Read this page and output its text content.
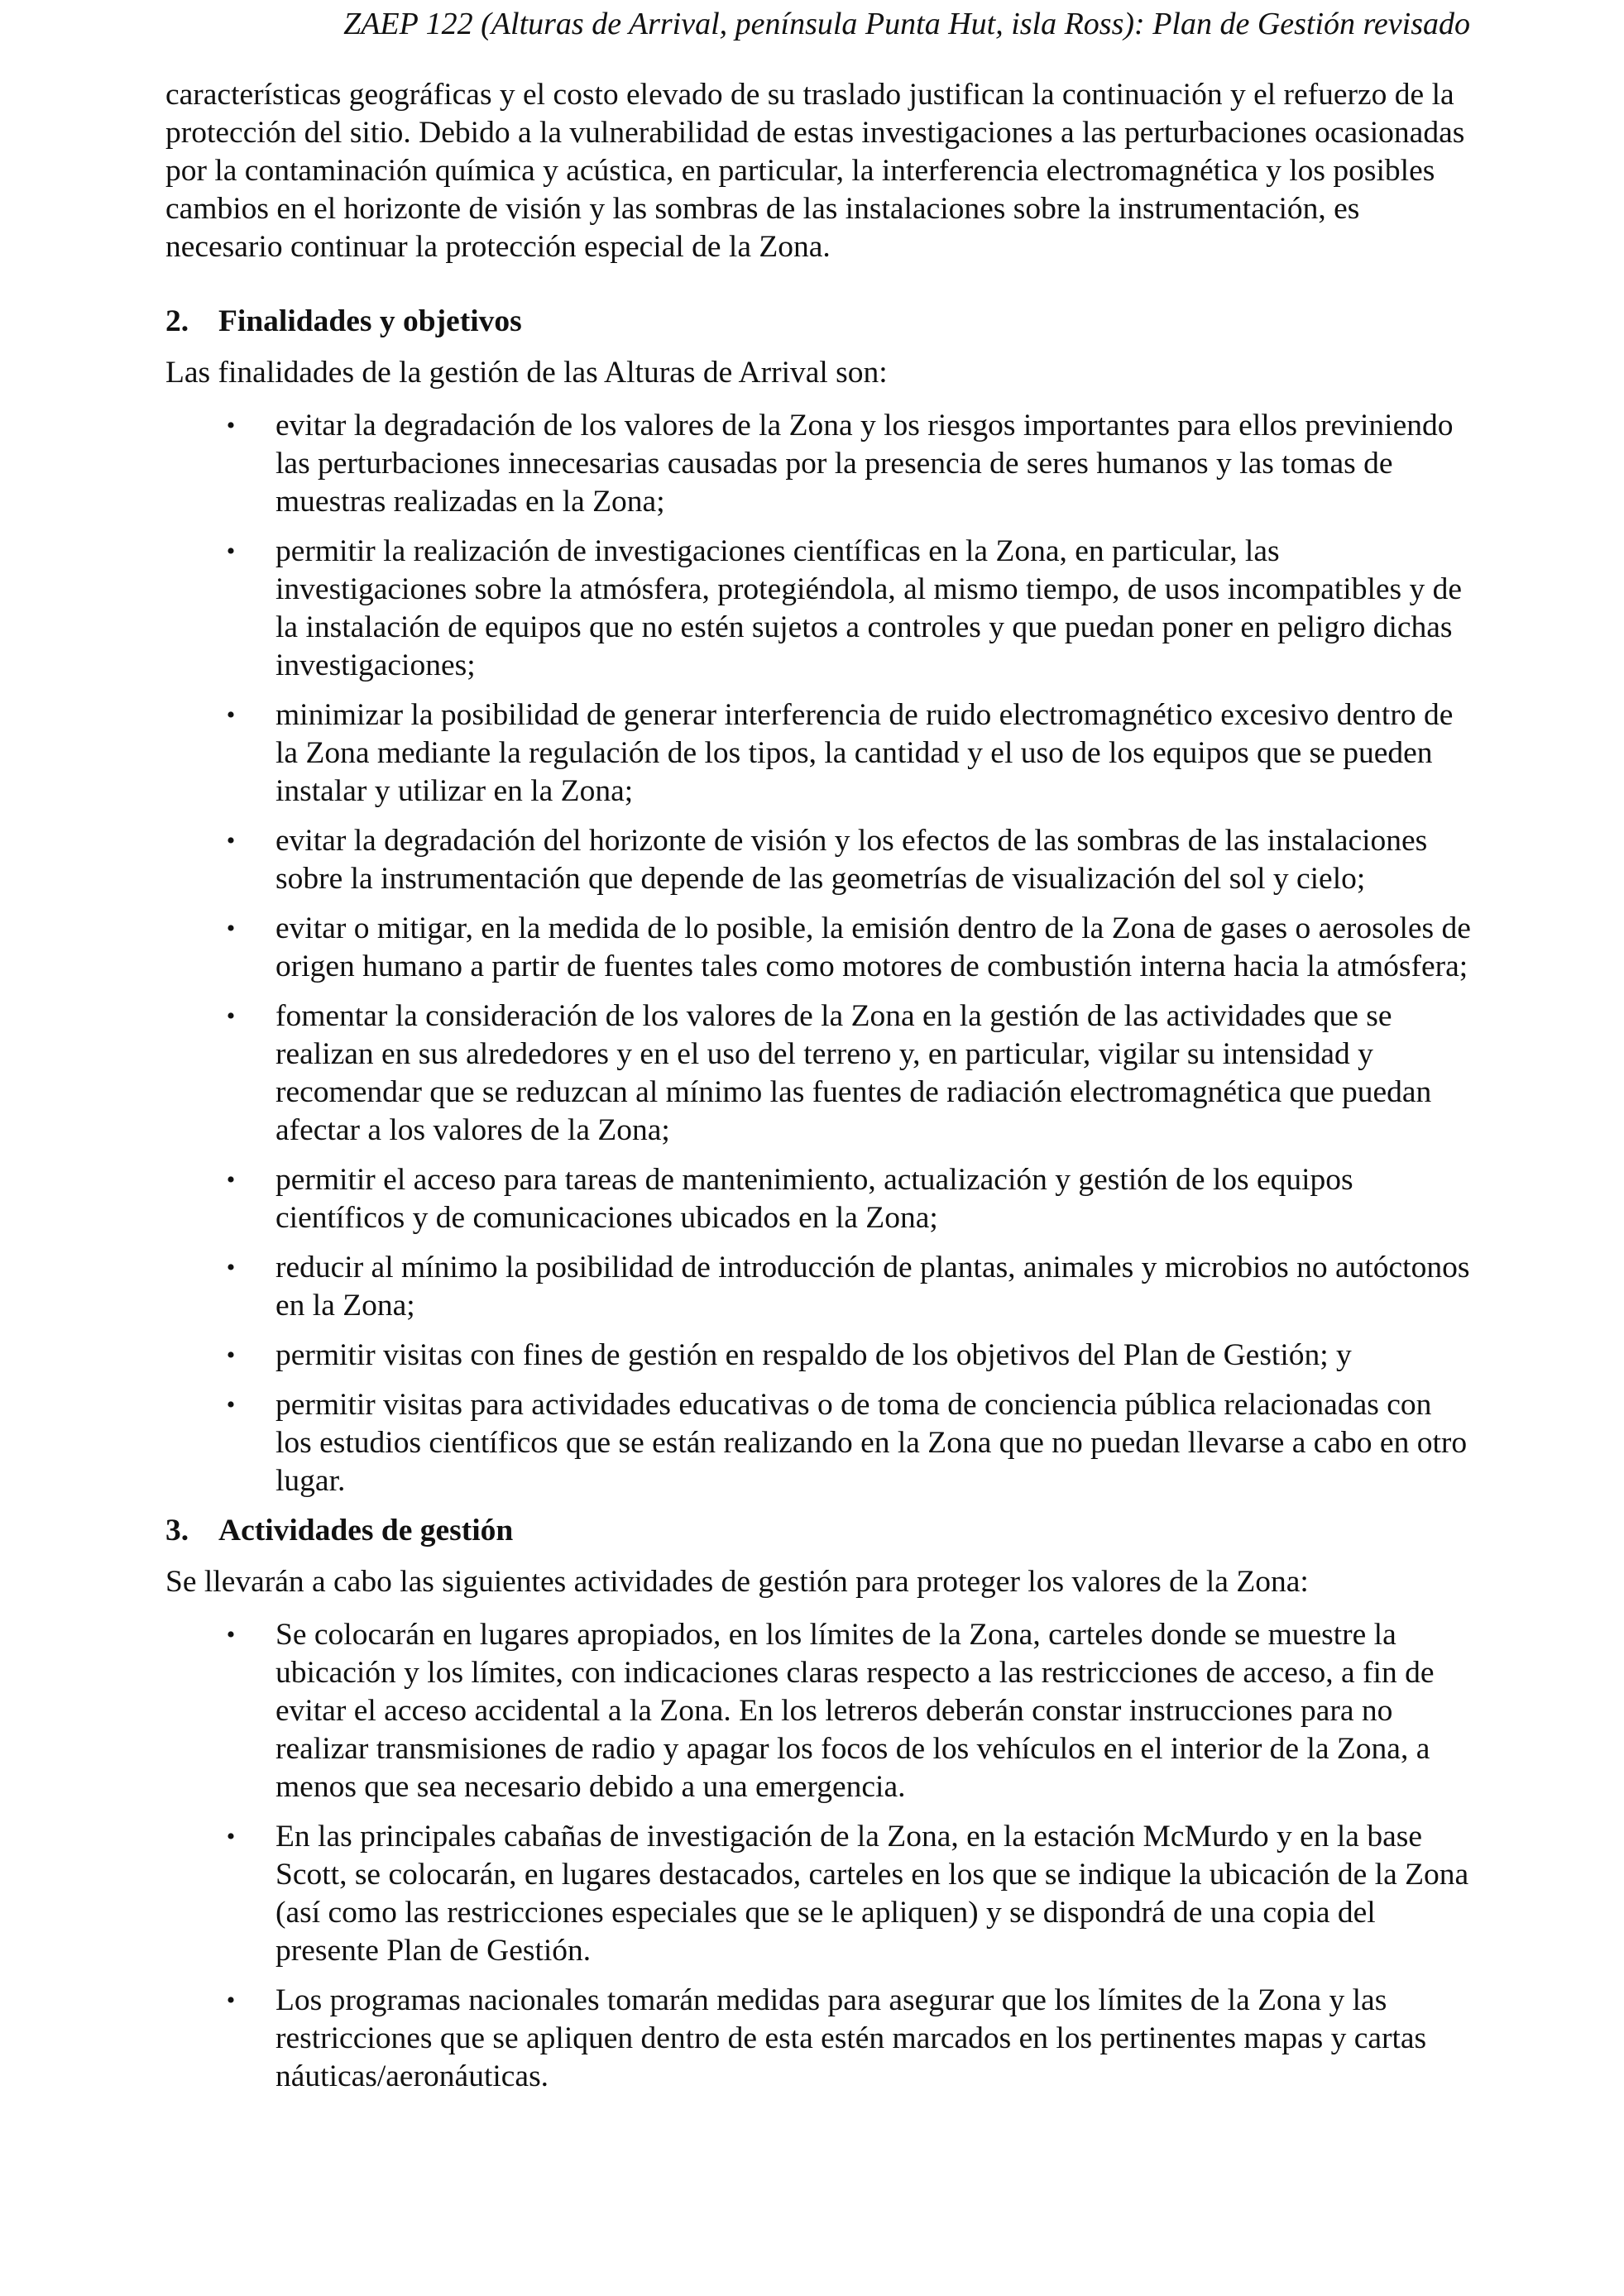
ZAEP 122 (Alturas de Arrival, península Punta Hut, isla Ross): Plan de Gestión revisado

características geográficas y el costo elevado de su traslado justifican la continuación y el refuerzo de la protección del sitio. Debido a la vulnerabilidad de estas investigaciones a las perturbaciones ocasionadas por la contaminación química y acústica, en particular, la interferencia electromagnética y los posibles cambios en el horizonte de visión y las sombras de las instalaciones sobre la instrumentación, es necesario continuar la protección especial de la Zona.

2. Finalidades y objetivos

Las finalidades de la gestión de las Alturas de Arrival son:

• evitar la degradación de los valores de la Zona y los riesgos importantes para ellos previniendo las perturbaciones innecesarias causadas por la presencia de seres humanos y las tomas de muestras realizadas en la Zona;
• permitir la realización de investigaciones científicas en la Zona, en particular, las investigaciones sobre la atmósfera, protegiéndola, al mismo tiempo, de usos incompatibles y de la instalación de equipos que no estén sujetos a controles y que puedan poner en peligro dichas investigaciones;
• minimizar la posibilidad de generar interferencia de ruido electromagnético excesivo dentro de la Zona mediante la regulación de los tipos, la cantidad y el uso de los equipos que se pueden instalar y utilizar en la Zona;
• evitar la degradación del horizonte de visión y los efectos de las sombras de las instalaciones sobre la instrumentación que depende de las geometrías de visualización del sol y cielo;
• evitar o mitigar, en la medida de lo posible, la emisión dentro de la Zona de gases o aerosoles de origen humano a partir de fuentes tales como motores de combustión interna hacia la atmósfera;
• fomentar la consideración de los valores de la Zona en la gestión de las actividades que se realizan en sus alrededores y en el uso del terreno y, en particular, vigilar su intensidad y recomendar que se reduzcan al mínimo las fuentes de radiación electromagnética que puedan afectar a los valores de la Zona;
• permitir el acceso para tareas de mantenimiento, actualización y gestión de los equipos científicos y de comunicaciones ubicados en la Zona;
• reducir al mínimo la posibilidad de introducción de plantas, animales y microbios no autóctonos en la Zona;
• permitir visitas con fines de gestión en respaldo de los objetivos del Plan de Gestión; y
• permitir visitas para actividades educativas o de toma de conciencia pública relacionadas con los estudios científicos que se están realizando en la Zona que no puedan llevarse a cabo en otro lugar.
3. Actividades de gestión

Se llevarán a cabo las siguientes actividades de gestión para proteger los valores de la Zona:

• Se colocarán en lugares apropiados, en los límites de la Zona, carteles donde se muestre la ubicación y los límites, con indicaciones claras respecto a las restricciones de acceso, a fin de evitar el acceso accidental a la Zona. En los letreros deberán constar instrucciones para no realizar transmisiones de radio y apagar los focos de los vehículos en el interior de la Zona, a menos que sea necesario debido a una emergencia.
• En las principales cabañas de investigación de la Zona, en la estación McMurdo y en la base Scott, se colocarán, en lugares destacados, carteles en los que se indique la ubicación de la Zona (así como las restricciones especiales que se le apliquen) y se dispondrá de una copia del presente Plan de Gestión.
• Los programas nacionales tomarán medidas para asegurar que los límites de la Zona y las restricciones que se apliquen dentro de esta estén marcados en los pertinentes mapas y cartas náuticas/aeronáuticas.
